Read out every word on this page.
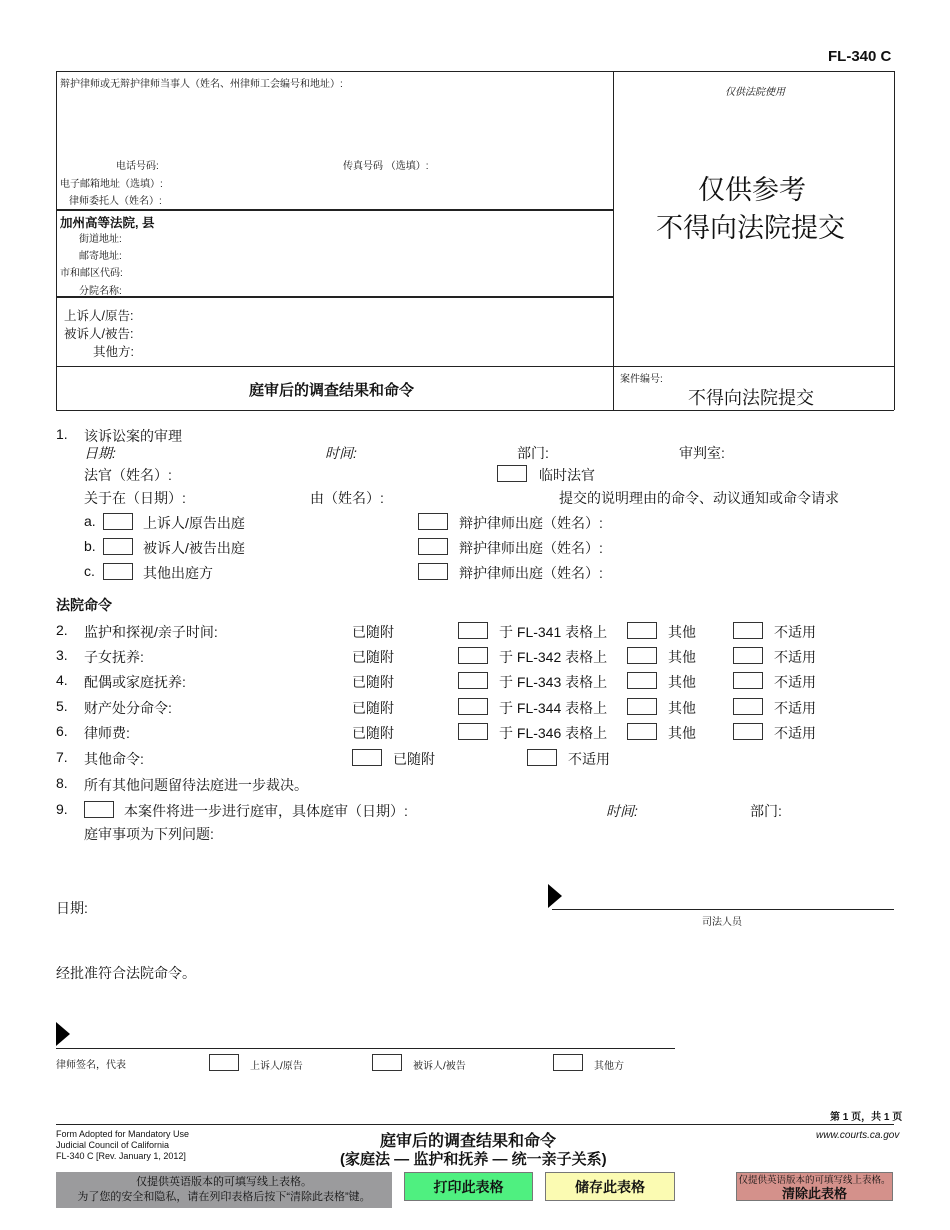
FL-340 C
辩护律师或无辩护律师当事人（姓名、州律师工会编号和地址）:
仅供法院使用
电话号码:	传真号码 （选填）:
电子邮箱地址（选填）:
律师委托人（姓名）:
加州高等法院, 县
街道地址:
邮寄地址:
市和邮区代码:
分院名称:
上诉人/原告:
被诉人/被告:
其他方:
仅供参考
不得向法院提交
庭审后的调查结果和命令
案件编号:
不得向法院提交
1. 该诉讼案的审理
日期:	时间:	部门:	审判室:
法官（姓名）:	临时法官
关于在（日期）:	由（姓名）:	提交的说明理由的命令、动议通知或命令请求
a.	上诉人/原告出庭	辩护律师出庭（姓名）:
b.	被诉人/被告出庭	辩护律师出庭（姓名）:
c.	其他出庭方	辩护律师出庭（姓名）:
法院命令
2. 监护和探视/亲子时间:	已随附	于 FL-341 表格上	其他	不适用
3. 子女抚养:	已随附	于 FL-342 表格上	其他	不适用
4. 配偶或家庭抚养:	已随附	于 FL-343 表格上	其他	不适用
5. 财产处分命令:	已随附	于 FL-344 表格上	其他	不适用
6. 律师费:	已随附	于 FL-346 表格上	其他	不适用
7. 其他命令:	已随附	不适用
8. 所有其他问题留待法庭进一步裁决。
9.	本案件将进一步进行庭审，具体庭审（日期）:	时间:	部门:
庭审事项为下列问题:
日期:
司法人员
经批准符合法院命令。
律师签名，代表	上诉人/原告	被诉人/被告	其他方
第 1 页，共 1 页
Form Adopted for Mandatory Use
Judicial Council of California
FL-340 C [Rev. January 1, 2012]
庭审后的调查结果和命令
(家庭法 — 监护和抚养 — 统一亲子关系)
www.courts.ca.gov
仅提供英语版本的可填写线上表格。
为了您的安全和隐私，请在列印表格后按下“清除此表格”键。
打印此表格	储存此表格	仅提供英语版本的可填写线上表格。
清除此表格
